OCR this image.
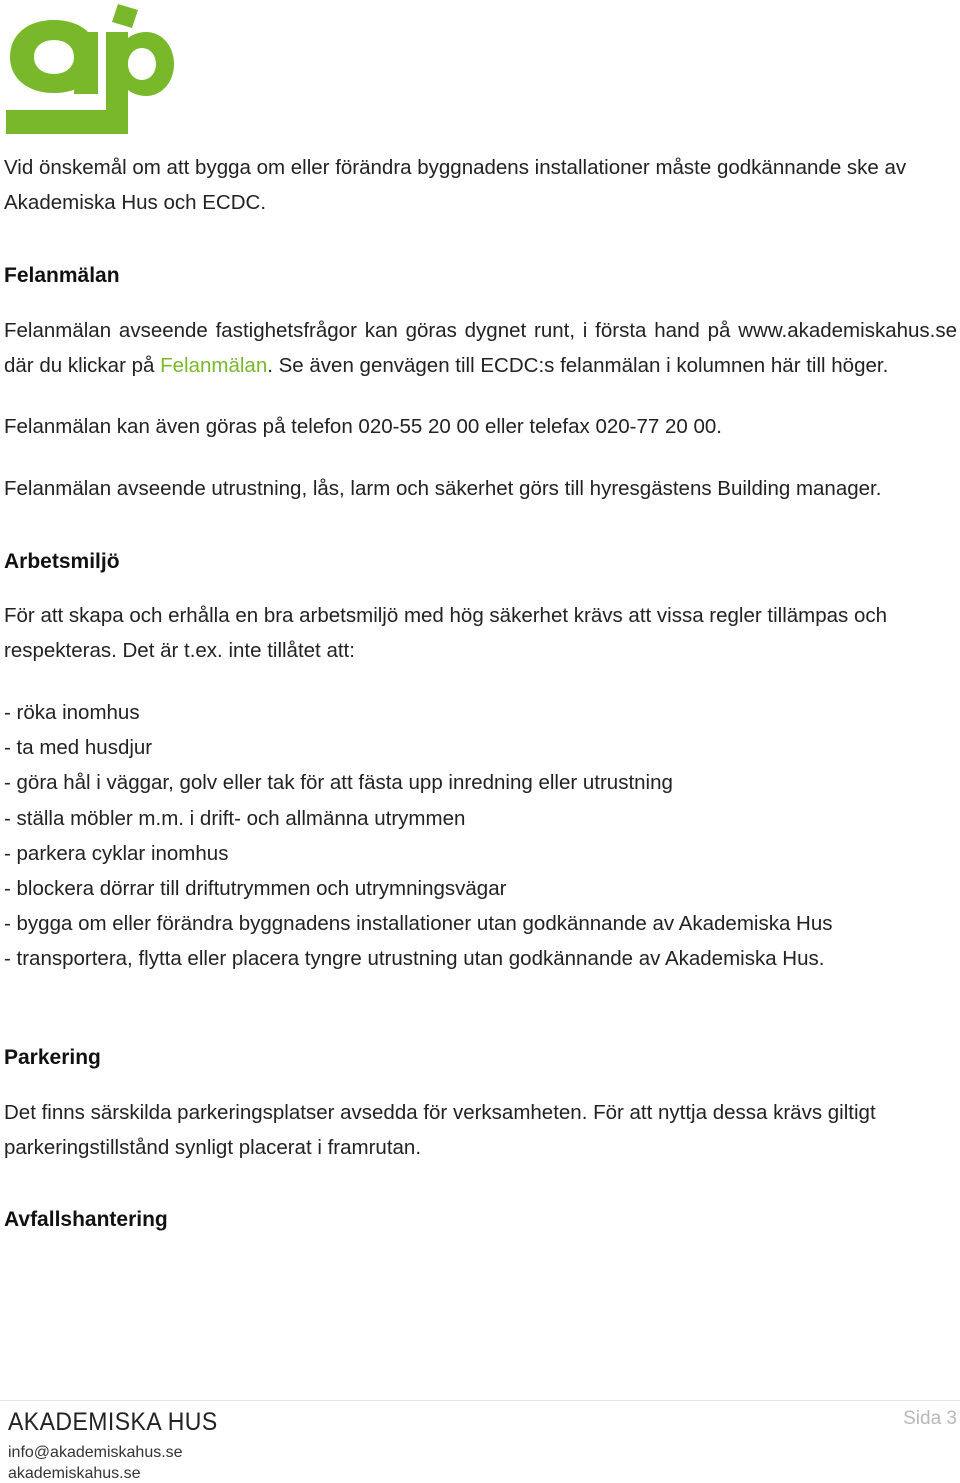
Vid önskemål om att bygga om eller förändra byggnadens installationer måste godkännande ske av Akademiska Hus och ECDC.

Felanmälan

Felanmälan avseende fastighetsfrågor kan göras dygnet runt, i första hand på www.akademiskahus.se där du klickar på Felanmälan. Se även genvägen till ECDC:s felanmälan i kolumnen här till höger.

Felanmälan kan även göras på telefon 020-55 20 00 eller telefax 020-77 20 00.

Felanmälan avseende utrustning, lås, larm och säkerhet görs till hyresgästens Building manager.

Arbetsmiljö

För att skapa och erhålla en bra arbetsmiljö med hög säkerhet krävs att vissa regler tillämpas och respekteras. Det är t.ex. inte tillåtet att:

- röka inomhus
- ta med husdjur
- göra hål i väggar, golv eller tak för att fästa upp inredning eller utrustning
- ställa möbler m.m. i drift- och allmänna utrymmen
- parkera cyklar inomhus
- blockera dörrar till driftutrymmen och utrymningsvägar
- bygga om eller förändra byggnadens installationer utan godkännande av Akademiska Hus
- transportera, flytta eller placera tyngre utrustning utan godkännande av Akademiska Hus.
Parkering

Det finns särskilda parkeringsplatser avsedda för verksamheten. För att nyttja dessa krävs giltigt parkeringstillstånd synligt placerat i framrutan.

Avfallshantering
AKADEMISKA HUS
info@akademiskahus.se
akademiskahus.se
Sida 3
